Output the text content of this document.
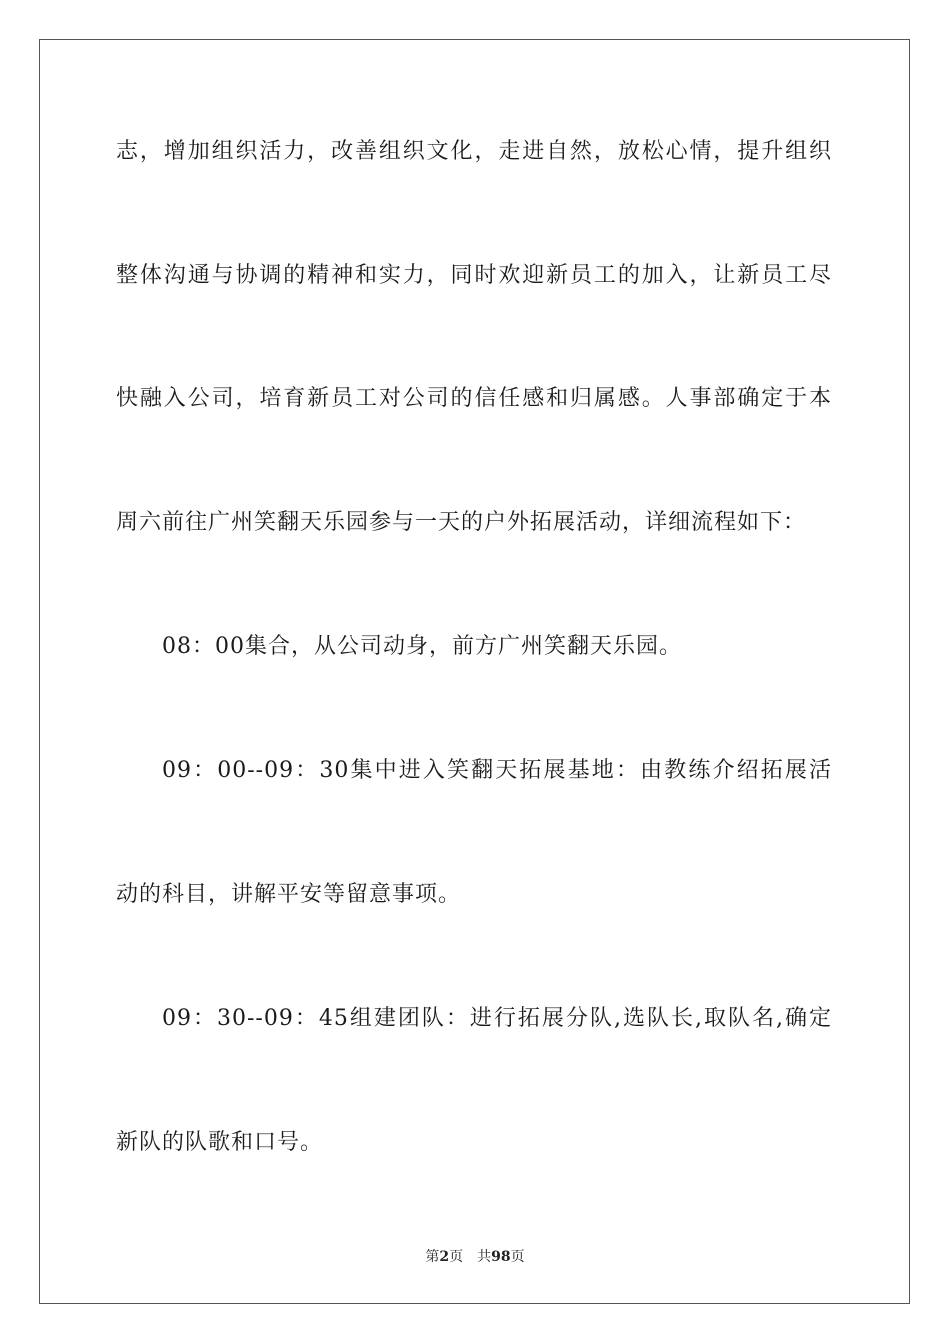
志，增加组织活力，改善组织文化，走进自然，放松心情，提升组织
整体沟通与协调的精神和实力，同时欢迎新员工的加入，让新员工尽
快融入公司，培育新员工对公司的信任感和归属感。人事部确定于本
周六前往广州笑翻天乐园参与一天的户外拓展活动，详细流程如下：
08：00集合，从公司动身，前方广州笑翻天乐园。
09：00--09：30集中进入笑翻天拓展基地：由教练介绍拓展活
动的科目，讲解平安等留意事项。
09：30--09：45组建团队：进行拓展分队,选队长,取队名,确定
新队的队歌和口号。
第2页 共98页
